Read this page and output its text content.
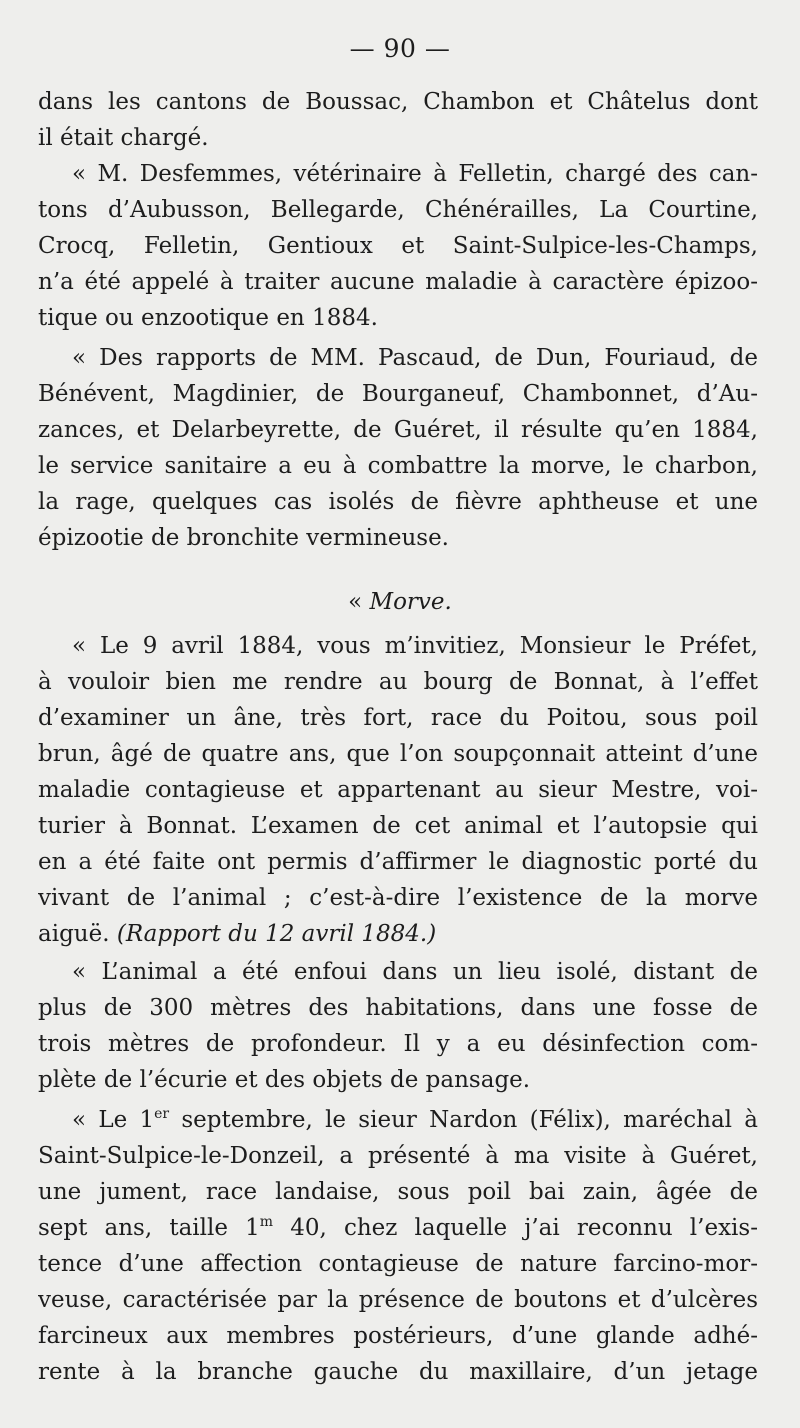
— 90 —
dans les cantons de Boussac, Chambon et Châtelus dont
il était chargé.
« M. Desfemmes, vétérinaire à Felletin, chargé des can-
tons d’Aubusson, Bellegarde, Chénérailles, La Courtine,
Crocq, Felletin, Gentioux et Saint-Sulpice-les-Champs,
n’a été appelé à traiter aucune maladie à caractère épizoo-
tique ou enzootique en 1884.
« Des rapports de MM. Pascaud, de Dun, Fouriaud, de
Bénévent, Magdinier, de Bourganeuf, Chambonnet, d’Au-
zances, et Delarbeyrette, de Guéret, il résulte qu’en 1884,
le service sanitaire a eu à combattre la morve, le charbon,
la rage, quelques cas isolés de fièvre aphtheuse et une
épizootie de bronchite vermineuse.
« Morve.
« Le 9 avril 1884, vous m’invitiez, Monsieur le Préfet,
à vouloir bien me rendre au bourg de Bonnat, à l’effet
d’examiner un âne, très fort, race du Poitou, sous poil
brun, âgé de quatre ans, que l’on soupçonnait atteint d’une
maladie contagieuse et appartenant au sieur Mestre, voi-
turier à Bonnat. L’examen de cet animal et l’autopsie qui
en a été faite ont permis d’affirmer le diagnostic porté du
vivant de l’animal ; c’est-à-dire l’existence de la morve
aiguë. (Rapport du 12 avril 1884.)
« L’animal a été enfoui dans un lieu isolé, distant de
plus de 300 mètres des habitations, dans une fosse de
trois mètres de profondeur. Il y a eu désinfection com-
plète de l’écurie et des objets de pansage.
« Le 1er septembre, le sieur Nardon (Félix), maréchal à
Saint-Sulpice-le-Donzeil, a présenté à ma visite à Guéret,
une jument, race landaise, sous poil bai zain, âgée de
sept ans, taille 1$^m$ 40, chez laquelle j’ai reconnu l’exis-
tence d’une affection contagieuse de nature farcino-mor-
veuse, caractérisée par la présence de boutons et d’ulcères
farcineux aux membres postérieurs, d’une glande adhé-
rente à la branche gauche du maxillaire, d’un jetage
